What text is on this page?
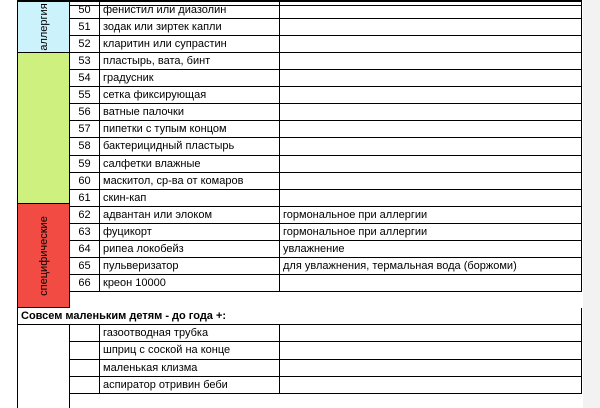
аллергия
специфические
50	фенистил или диазолин
51	зодак или зиртек капли
52	кларитин или супрастин
53	пластырь, вата, бинт
54	градусник
55	сетка фиксирующая
56	ватные палочки
57	пипетки с тупым концом
58	бактерицидный пластырь
59	салфетки влажные
60	маскитол, ср-ва от комаров
61	скин-кап
62	адвантан или элоком	гормональное при аллергии
63	фуцикорт	гормональное при аллергии
64	рипеа локобейз	увлажнение
65	пульверизатор	для увлажнения, термальная вода (боржоми)
66	креон 10000
Совсем маленьким детям - до года +:
газоотводная трубка
шприц с соской на конце
маленькая клизма
аспиратор отривин беби
